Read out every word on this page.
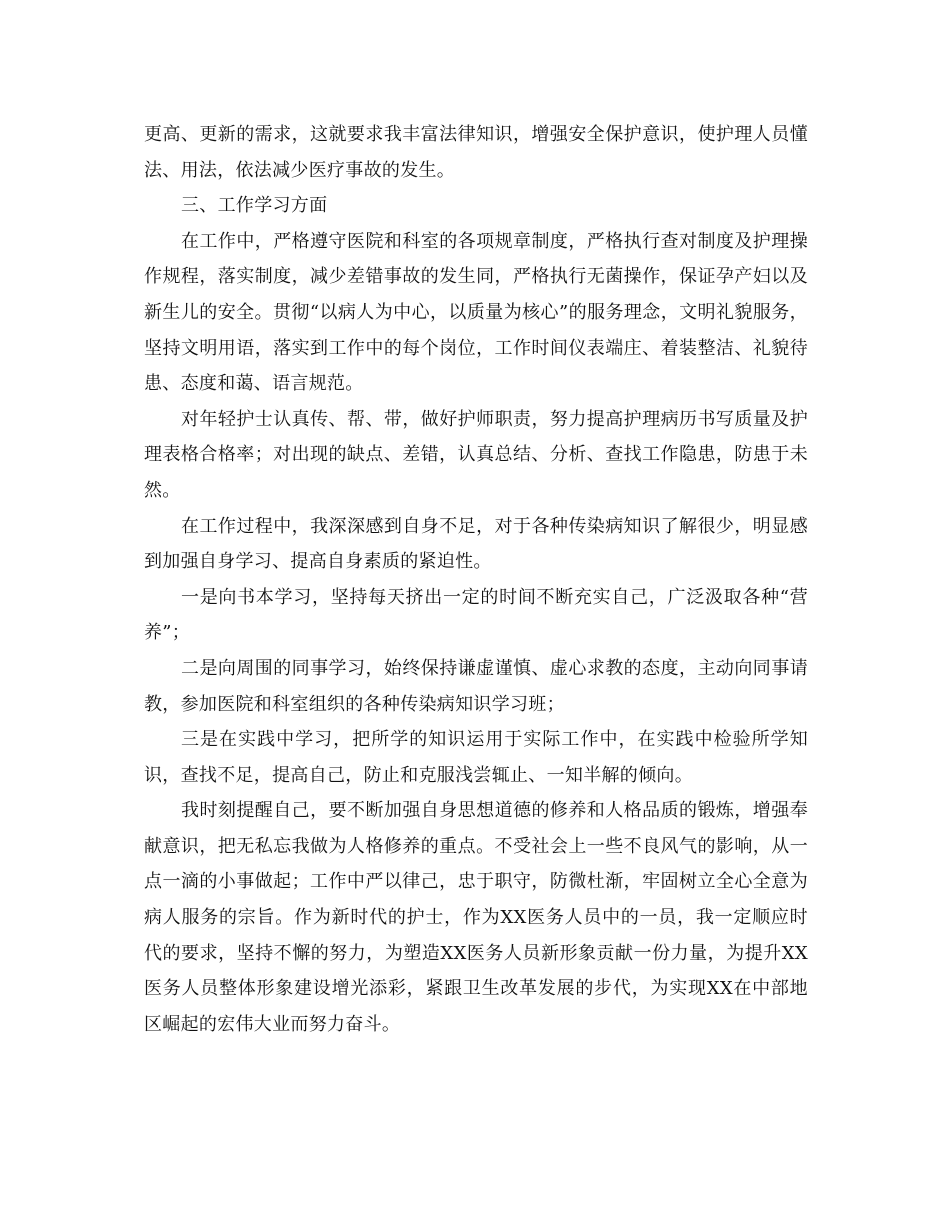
更高、更新的需求，这就要求我丰富法律知识，增强安全保护意识，使护理人员懂法、用法，依法减少医疗事故的发生。

三、工作学习方面

在工作中，严格遵守医院和科室的各项规章制度，严格执行查对制度及护理操作规程，落实制度，减少差错事故的发生同，严格执行无菌操作，保证孕产妇以及新生儿的安全。贯彻“以病人为中心，以质量为核心”的服务理念，文明礼貌服务，坚持文明用语，落实到工作中的每个岗位，工作时间仪表端庄、着装整洁、礼貌待患、态度和蔼、语言规范。

对年轻护士认真传、帮、带，做好护师职责，努力提高护理病历书写质量及护理表格合格率；对出现的缺点、差错，认真总结、分析、查找工作隐患，防患于未然。

在工作过程中，我深深感到自身不足，对于各种传染病知识了解很少，明显感到加强自身学习、提高自身素质的紧迫性。

一是向书本学习，坚持每天挤出一定的时间不断充实自己，广泛汲取各种“营养”；

二是向周围的同事学习，始终保持谦虚谨慎、虚心求教的态度，主动向同事请教，参加医院和科室组织的各种传染病知识学习班；

三是在实践中学习，把所学的知识运用于实际工作中，在实践中检验所学知识，查找不足，提高自己，防止和克服浅尝辄止、一知半解的倾向。

我时刻提醒自己，要不断加强自身思想道德的修养和人格品质的锻炼，增强奉献意识，把无私忘我做为人格修养的重点。不受社会上一些不良风气的影响，从一点一滴的小事做起；工作中严以律己，忠于职守，防微杜渐，牢固树立全心全意为病人服务的宗旨。作为新时代的护士，作为XX医务人员中的一员，我一定顺应时代的要求，坚持不懈的努力，为塑造XX医务人员新形象贡献一份力量，为提升XX医务人员整体形象建设增光添彩，紧跟卫生改革发展的步代，为实现XX在中部地区崛起的宏伟大业而努力奋斗。
